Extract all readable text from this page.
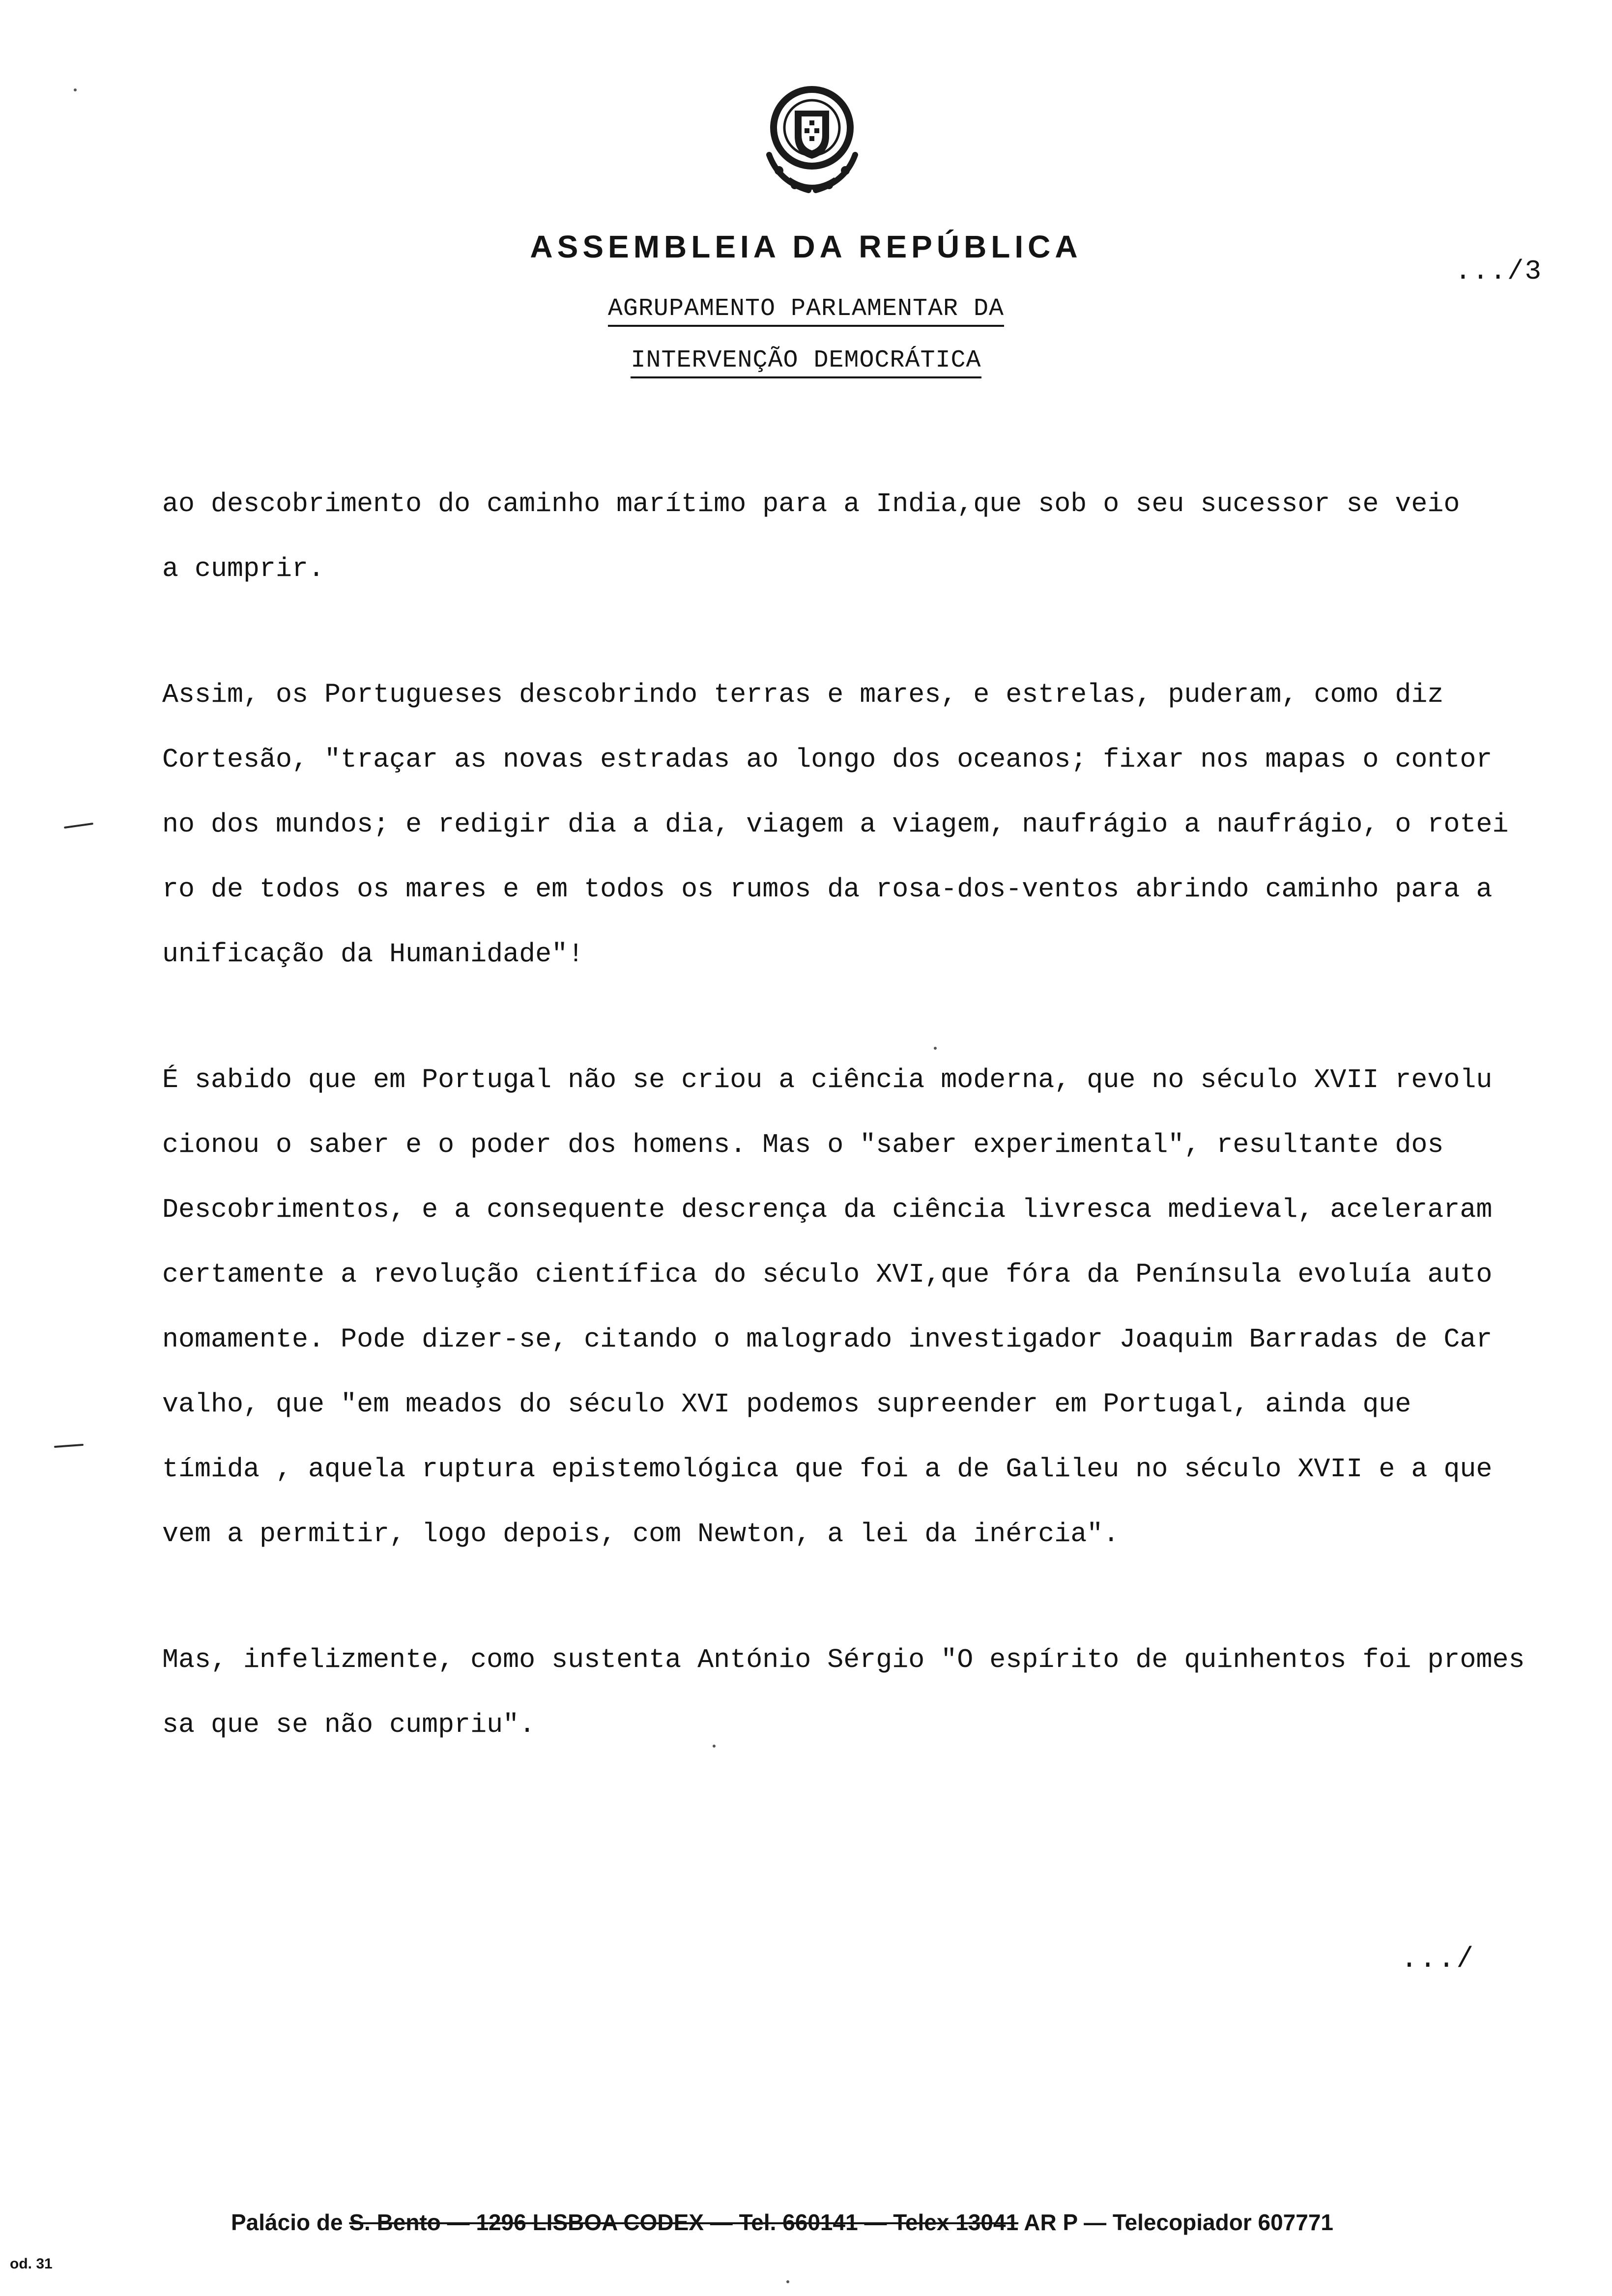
ASSEMBLEIA DA REPÚBLICA
AGRUPAMENTO PARLAMENTAR DA
INTERVENÇÃO DEMOCRÁTICA
.../3

ao descobrimento do caminho marítimo para a India,que sob o seu sucessor se veio
a cumprir.

Assim, os Portugueses descobrindo terras e mares, e estrelas, puderam, como diz
Cortesão, "traçar as novas estradas ao longo dos oceanos; fixar nos mapas o contor
no dos mundos; e redigir dia a dia, viagem a viagem, naufrágio a naufrágio, o rotei
ro de todos os mares e em todos os rumos da rosa-dos-ventos abrindo caminho para a
unificação da Humanidade"!

É sabido que em Portugal não se criou a ciência moderna, que no século XVII revolu
cionou o saber e o poder dos homens. Mas o "saber experimental", resultante dos
Descobrimentos, e a consequente descrença da ciência livresca medieval, aceleraram
certamente a revolução científica do século XVI,que fóra da Península evoluía auto
nomamente. Pode dizer-se, citando o malogrado investigador Joaquim Barradas de Car
valho, que "em meados do século XVI podemos supreender em Portugal, ainda que
tímida , aquela ruptura epistemológica que foi a de Galileu no século XVII e a que
vem a permitir, logo depois, com Newton, a lei da inércia".

Mas, infelizmente, como sustenta António Sérgio "O espírito de quinhentos foi promes
sa que se não cumpriu".

.../
Palácio de S. Bento — 1296 LISBOA CODEX — Tel. 660141 — Telex 13041 AR P — Telecopiador 607771
od. 31
